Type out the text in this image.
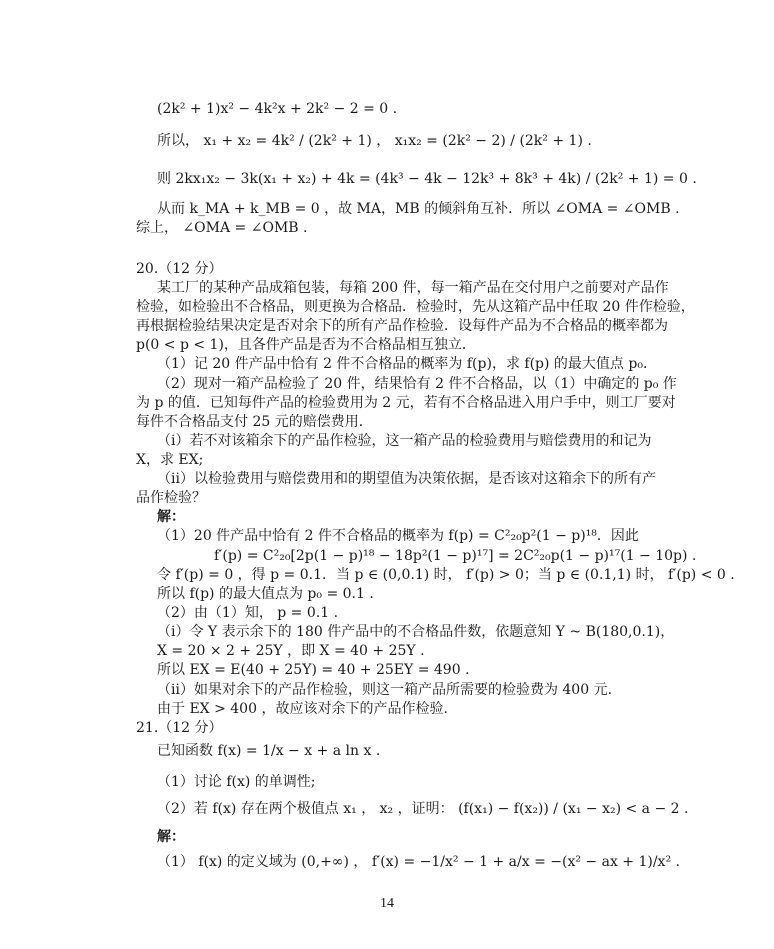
(2k² + 1)x² − 4k²x + 2k² − 2 = 0 .
所以， x₁ + x₂ = 4k² / (2k² + 1) ， x₁x₂ = (2k² − 2) / (2k² + 1) .
则 2kx₁x₂ − 3k(x₁ + x₂) + 4k = (4k³ − 4k − 12k³ + 8k³ + 4k) / (2k² + 1) = 0 .
从而 k_MA + k_MB = 0 ，故 MA，MB 的倾斜角互补．所以 ∠OMA = ∠OMB .
综上， ∠OMA = ∠OMB .
20.（12 分）
某工厂的某种产品成箱包装，每箱 200 件，每一箱产品在交付用户之前要对产品作
检验，如检验出不合格品，则更换为合格品．检验时，先从这箱产品中任取 20 件作检验，
再根据检验结果决定是否对余下的所有产品作检验．设每件产品为不合格品的概率都为
p(0 < p < 1)，且各件产品是否为不合格品相互独立．
（1）记 20 件产品中恰有 2 件不合格品的概率为 f(p)，求 f(p) 的最大值点 p₀．
（2）现对一箱产品检验了 20 件，结果恰有 2 件不合格品，以（1）中确定的 p₀ 作
为 p 的值．已知每件产品的检验费用为 2 元，若有不合格品进入用户手中，则工厂要对
每件不合格品支付 25 元的赔偿费用．
（ⅰ）若不对该箱余下的产品作检验，这一箱产品的检验费用与赔偿费用的和记为
X，求 EX;
（ⅱ）以检验费用与赔偿费用和的期望值为决策依据，是否该对这箱余下的所有产
品作检验？
解：
（1）20 件产品中恰有 2 件不合格品的概率为 f(p) = C²₂₀p²(1 − p)¹⁸．因此
f′(p) = C²₂₀[2p(1 − p)¹⁸ − 18p²(1 − p)¹⁷] = 2C²₂₀p(1 − p)¹⁷(1 − 10p) .
令 f′(p) = 0 ，得 p = 0.1．当 p ∈ (0,0.1) 时， f′(p) > 0；当 p ∈ (0.1,1) 时， f′(p) < 0 .
所以 f(p) 的最大值点为 p₀ = 0.1 .
（2）由（1）知， p = 0.1 .
（ⅰ）令 Y 表示余下的 180 件产品中的不合格品件数，依题意知 Y ~ B(180,0.1)，
X = 20 × 2 + 25Y ，即 X = 40 + 25Y .
所以 EX = E(40 + 25Y) = 40 + 25EY = 490 .
（ⅱ）如果对余下的产品作检验，则这一箱产品所需要的检验费为 400 元.
由于 EX > 400 ，故应该对余下的产品作检验.
21.（12 分）
已知函数 f(x) = 1/x − x + a ln x .
（1）讨论 f(x) 的单调性;
（2）若 f(x) 存在两个极值点 x₁ ， x₂ ，证明： (f(x₁) − f(x₂)) / (x₁ − x₂) < a − 2 .
解：
（1） f(x) 的定义域为 (0,+∞) ， f′(x) = −1/x² − 1 + a/x = −(x² − ax + 1)/x² .
14
